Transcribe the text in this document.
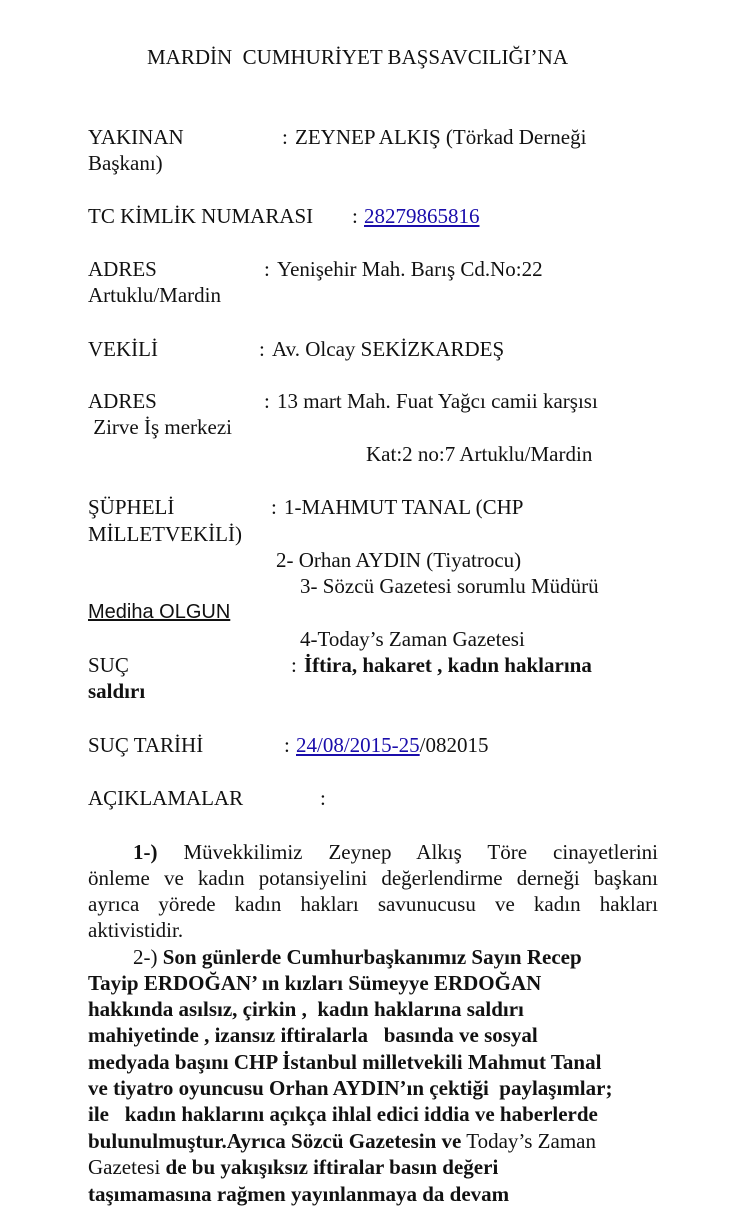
MARDİN  CUMHURİYET BAŞSAVCILIĞI’NA
YAKINAN	: ZEYNEP ALKIŞ (Törkad Derneği
Başkanı)
TC KİMLİK NUMARASI : 28279865816
ADRES	: Yenişehir Mah. Barış Cd.No:22
Artuklu/Mardin
VEKİLİ	: Av. Olcay SEKİZKARDEŞ
ADRES	: 13 mart Mah. Fuat Yağcı camii karşısı
Zirve İş merkezi
Kat:2 no:7 Artuklu/Mardin
ŞÜPHELİ	: 1-MAHMUT TANAL (CHP
MİLLETVEKİLİ)
2- Orhan AYDIN (Tiyatrocu)
3- Sözcü Gazetesi sorumlu Müdürü
Mediha OLGUN
4-Today’s Zaman Gazetesi
SUÇ	: İftira, hakaret , kadın haklarına
saldırı
SUÇ TARİHİ	: 24/08/2015-25/082015
AÇIKLAMALAR	:
1-) Müvekkilimiz Zeynep Alkış Töre cinayetlerini
önleme ve kadın potansiyelini değerlendirme derneği başkanı
ayrıca yörede kadın hakları savunucusu ve kadın hakları
aktivistidir.
2-) Son günlerde Cumhurbaşkanımız Sayın Recep
Tayip ERDOĞAN’ ın kızları Sümeyye ERDOĞAN
hakkında asılsız, çirkin ,  kadın haklarına saldırı
mahiyetinde , izansız iftiralarla   basında ve sosyal
medyada başını CHP İstanbul milletvekili Mahmut Tanal
ve tiyatro oyuncusu Orhan AYDIN’ın çektiği  paylaşımlar;
ile   kadın haklarını açıkça ihlal edici iddia ve haberlerde
bulunulmuştur.Ayrıca Sözcü Gazetesin ve Today’s Zaman
Gazetesi de bu yakışıksız iftiralar basın değeri
taşımamasına rağmen yayınlanmaya da devam
